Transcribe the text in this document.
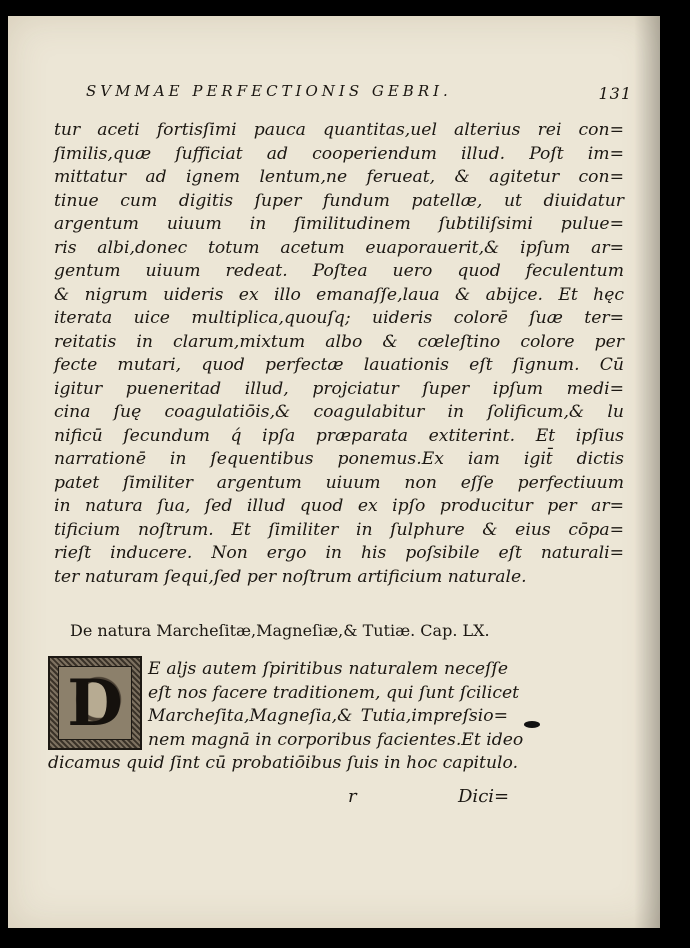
SVMMAE PERFECTIONIS GEBRI.	131
tur aceti fortisſimi pauca quantitas,uel alterius rei con=
ſimilis,quæ ſufficiat ad cooperiendum illud. Poſt im=
mittatur ad ignem lentum,ne ferueat, & agitetur con=
tinue cum digitis ſuper fundum patellæ, ut diuidatur
argentum uiuum in ſimilitudinem ſubtiliſsimi pulue=
ris albi,donec totum acetum euaporauerit,& ipſum ar=
gentum uiuum redeat. Poſtea uero quod feculentum
& nigrum uideris ex illo emanaſſe,laua & abijce. Et hęc
iterata uice multiplica,quouſq; uideris colorē ſuæ ter=
reitatis in clarum,mixtum albo & cœleſtino colore per
fecte mutari, quod perfectæ lauationis eſt ſignum. Cū
igitur pueneritad illud, projciatur ſuper ipſum medi=
cina ſuę coagulatiōis,& coagulabitur in ſolificum,& lu
nificū ſecundum q́ ipſa præparata extiterint. Et ipſius
narrationē in ſequentibus ponemus.Ex iam igit̄ dictis
patet ſimiliter argentum uiuum non eſſe perfectiuum
in natura ſua, ſed illud quod ex ipſo producitur per ar=
tificium noſtrum. Et ſimiliter in ſulphure & eius cōpa=
rieſt inducere. Non ergo in his poſsibile eſt naturali=
ter naturam ſequi,ſed per noſtrum artificium naturale.
De natura Marcheſitæ,Magneſiæ,& Tutiæ. Cap. LX.
D	E aljs autem ſpiritibus naturalem neceſſe
eſt nos facere traditionem, qui ſunt ſcilicet
Marcheſita,Magneſia,& Tutia,impreſsio=
nem magnā in corporibus facientes.Et ideo
dicamus quid ſint cū probatiōibus ſuis in hoc capitulo.
r	Dici=
